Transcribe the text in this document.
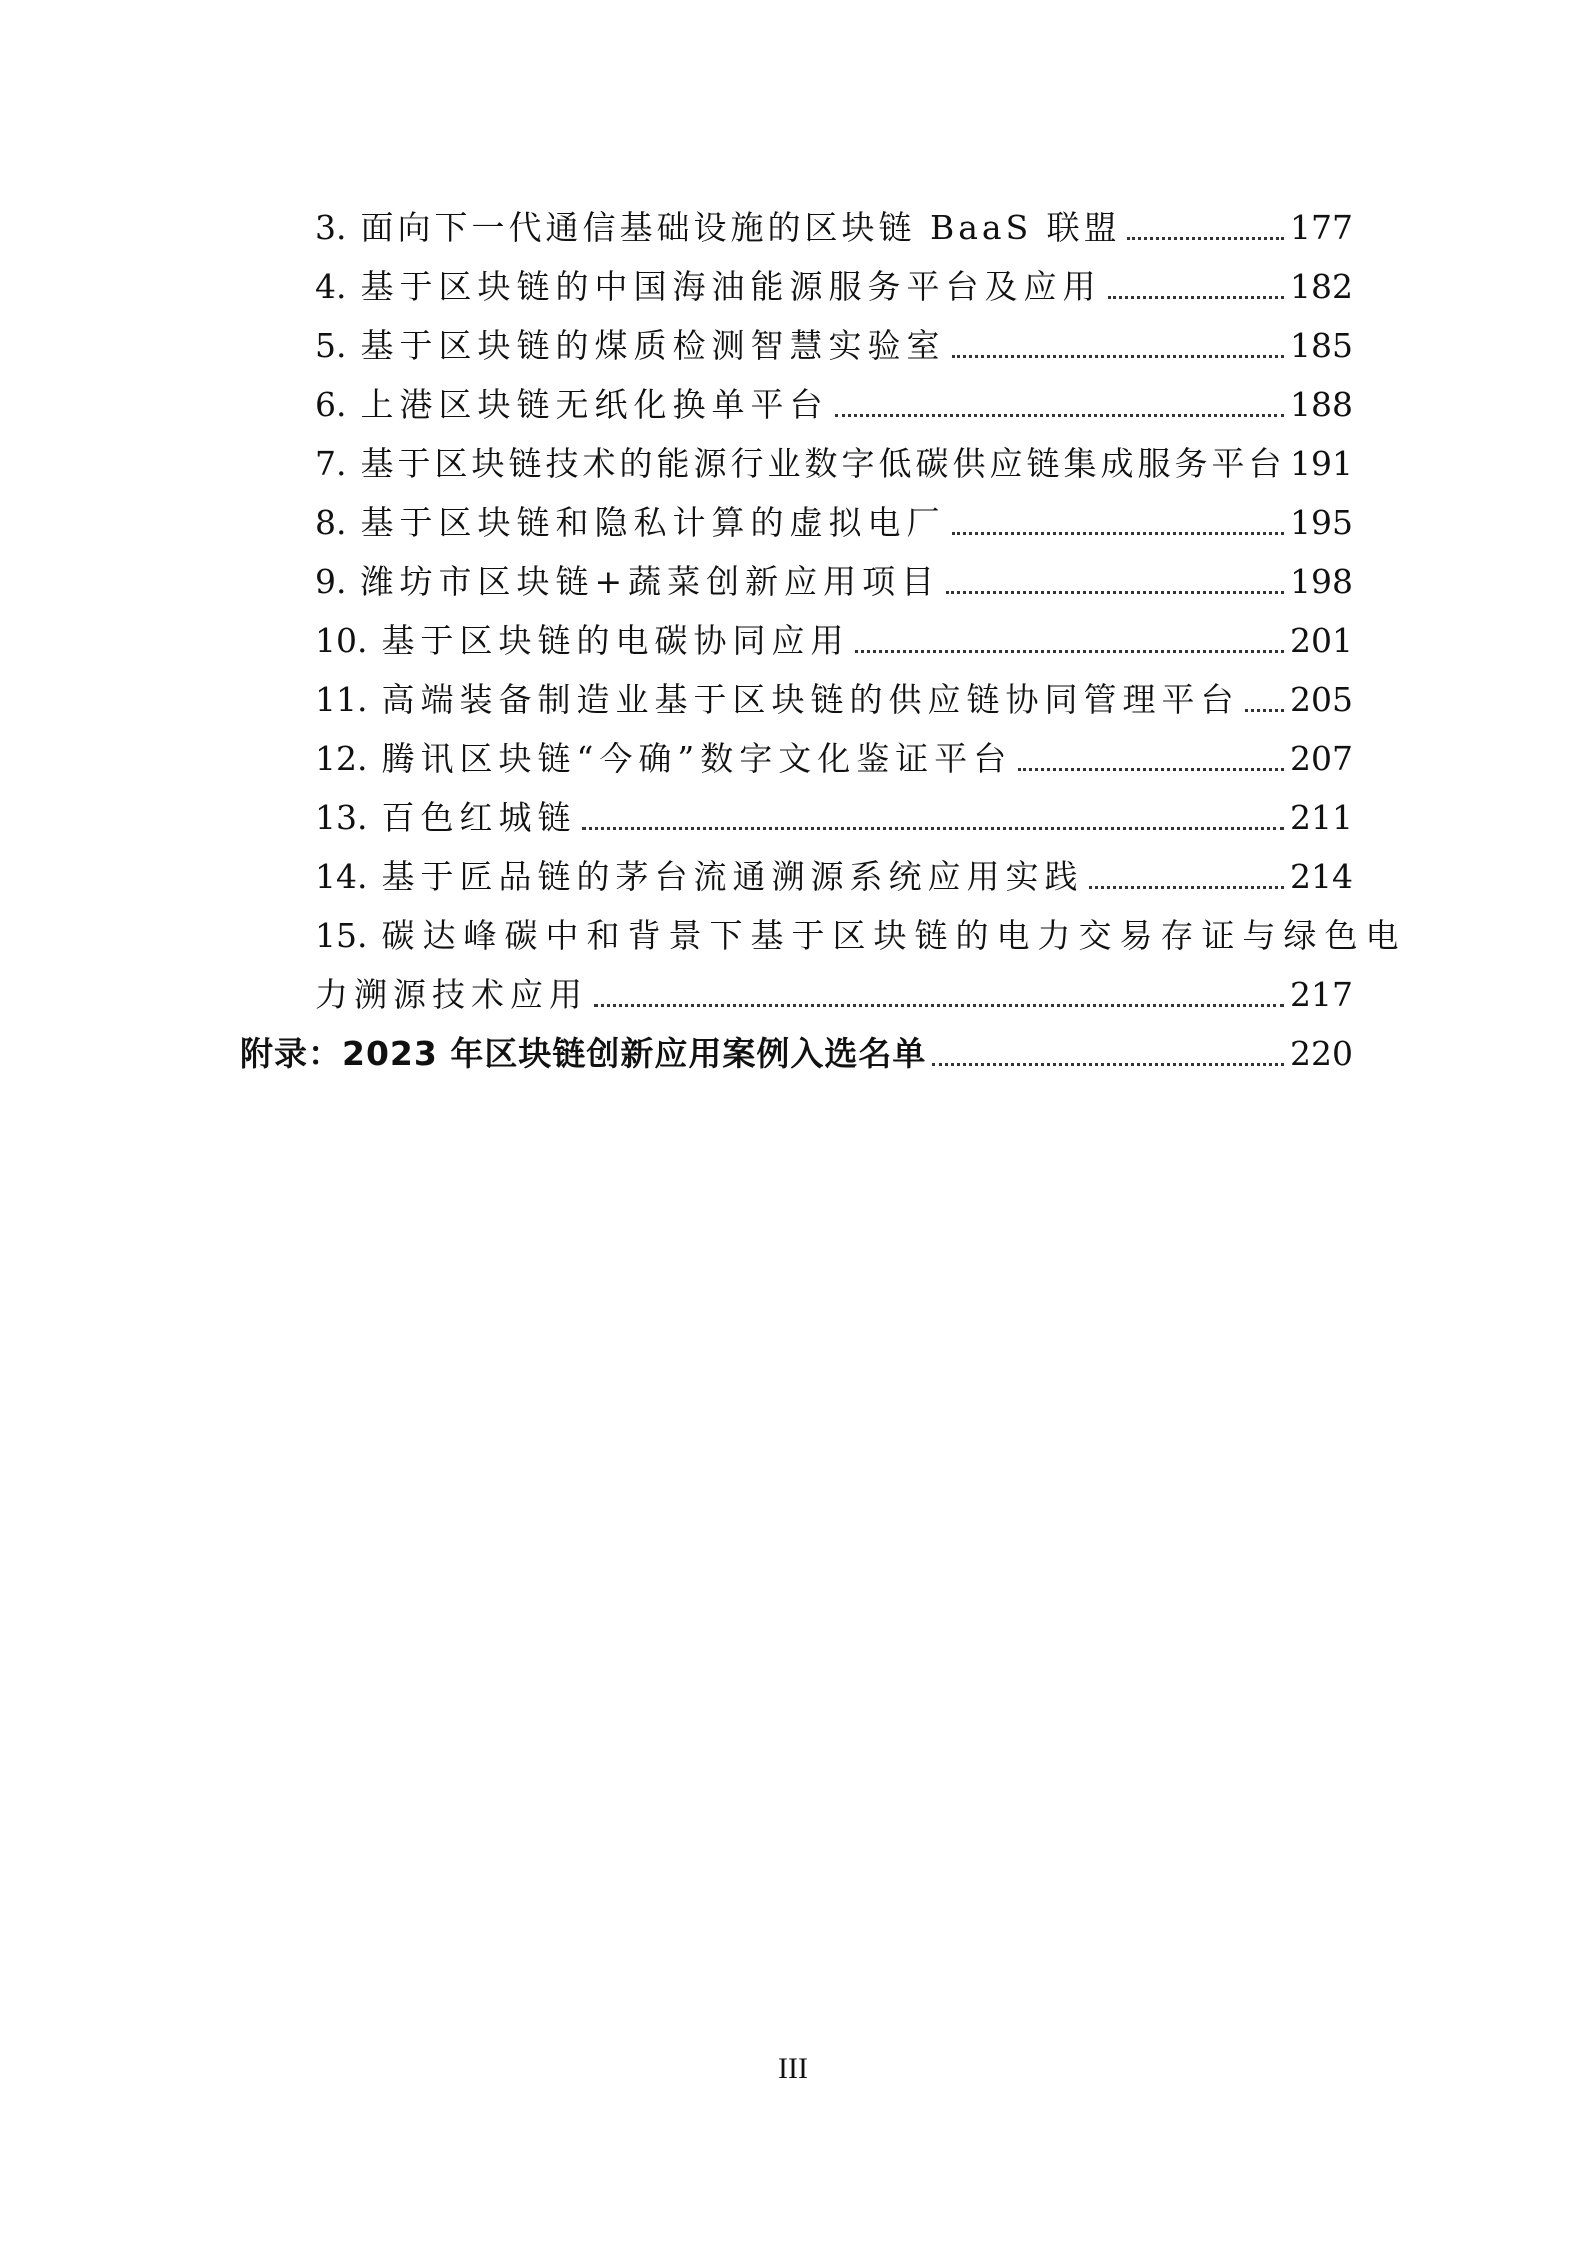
3. 面向下一代通信基础设施的区块链 BaaS 联盟	177
4. 基于区块链的中国海油能源服务平台及应用	182
5. 基于区块链的煤质检测智慧实验室	185
6. 上港区块链无纸化换单平台	188
7. 基于区块链技术的能源行业数字低碳供应链集成服务平台 191
8. 基于区块链和隐私计算的虚拟电厂	195
9. 潍坊市区块链+蔬菜创新应用项目	198
10. 基于区块链的电碳协同应用	201
11. 高端装备制造业基于区块链的供应链协同管理平台 205
12. 腾讯区块链“今确”数字文化鉴证平台	207
13. 百色红城链	211
14. 基于匠品链的茅台流通溯源系统应用实践	214
15. 碳达峰碳中和背景下基于区块链的电力交易存证与绿色电
力溯源技术应用	217
附录：2023 年区块链创新应用案例入选名单	220
III
